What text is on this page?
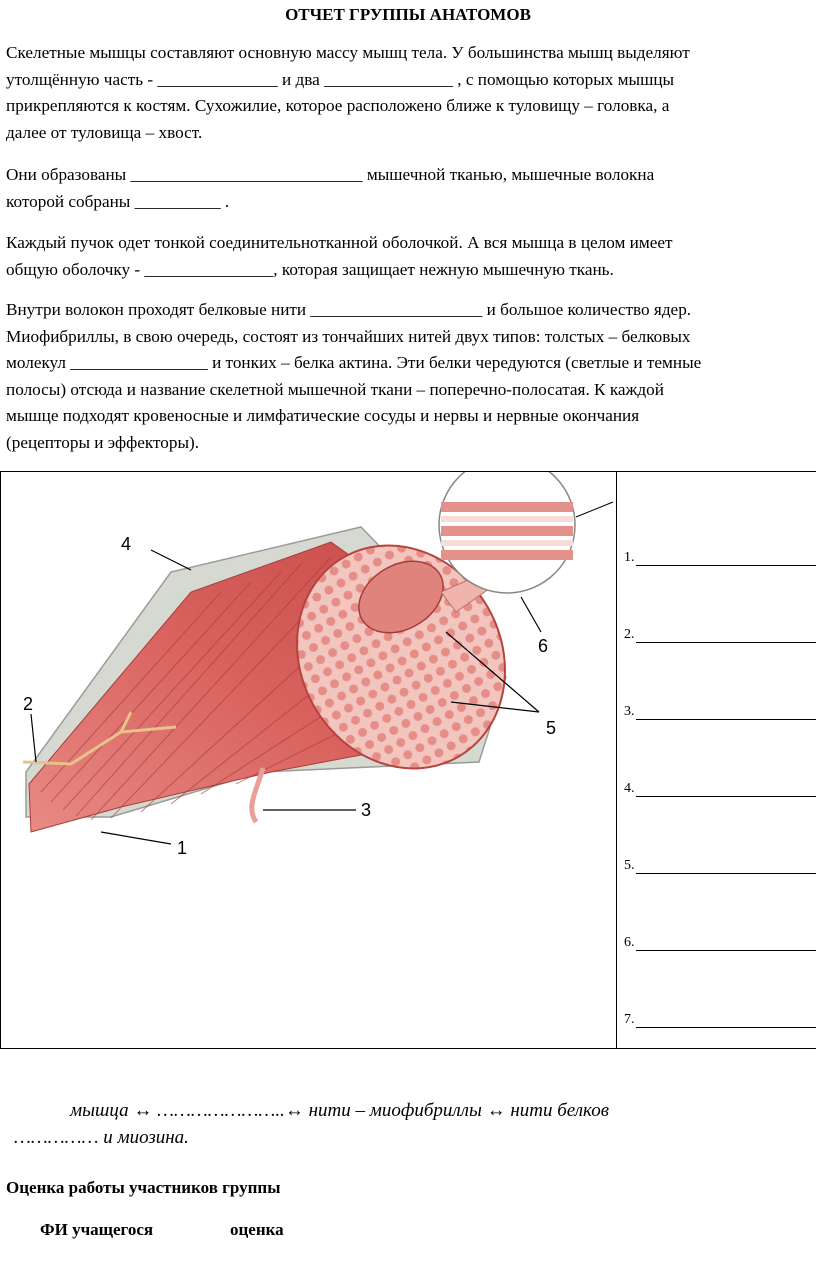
ОТЧЕТ ГРУППЫ АНАТОМОВ

Скелетные мышцы составляют основную массу мышц тела. У большинства мышц выделяют
утолщённую часть - ______________ и два _______________ , с помощью которых мышцы
прикрепляются к костям. Сухожилие, которое расположено ближе к туловищу – головка, а
далее от туловища – хвост.

Они образованы ___________________________ мышечной тканью, мышечные волокна
которой собраны __________ .

Каждый пучок одет тонкой соединительнотканной оболочкой. А вся мышца в целом имеет
общую оболочку - _______________, которая защищает нежную мышечную ткань.

Внутри волокон проходят белковые нити ____________________ и большое количество ядер.
Миофибриллы, в свою очередь, состоят из тончайших нитей двух типов: толстых – белковых
молекул ________________ и тонких – белка актина. Эти белки чередуются (светлые и темные
полосы) отсюда и название скелетной мышечной ткани – поперечно-полосатая. К каждой
мышце подходят кровеносные и лимфатические сосуды и нервы и нервные окончания
(рецепторы и эффекторы).

1
2
3
4
5
6
1.
2.
3.
4.
5.
6.
7.
мышца ↔ …………………..↔ нити – миофибриллы ↔ нити белков
…………… и миозина.
Оценка работы участников группы
ФИ учащегося	оценка
